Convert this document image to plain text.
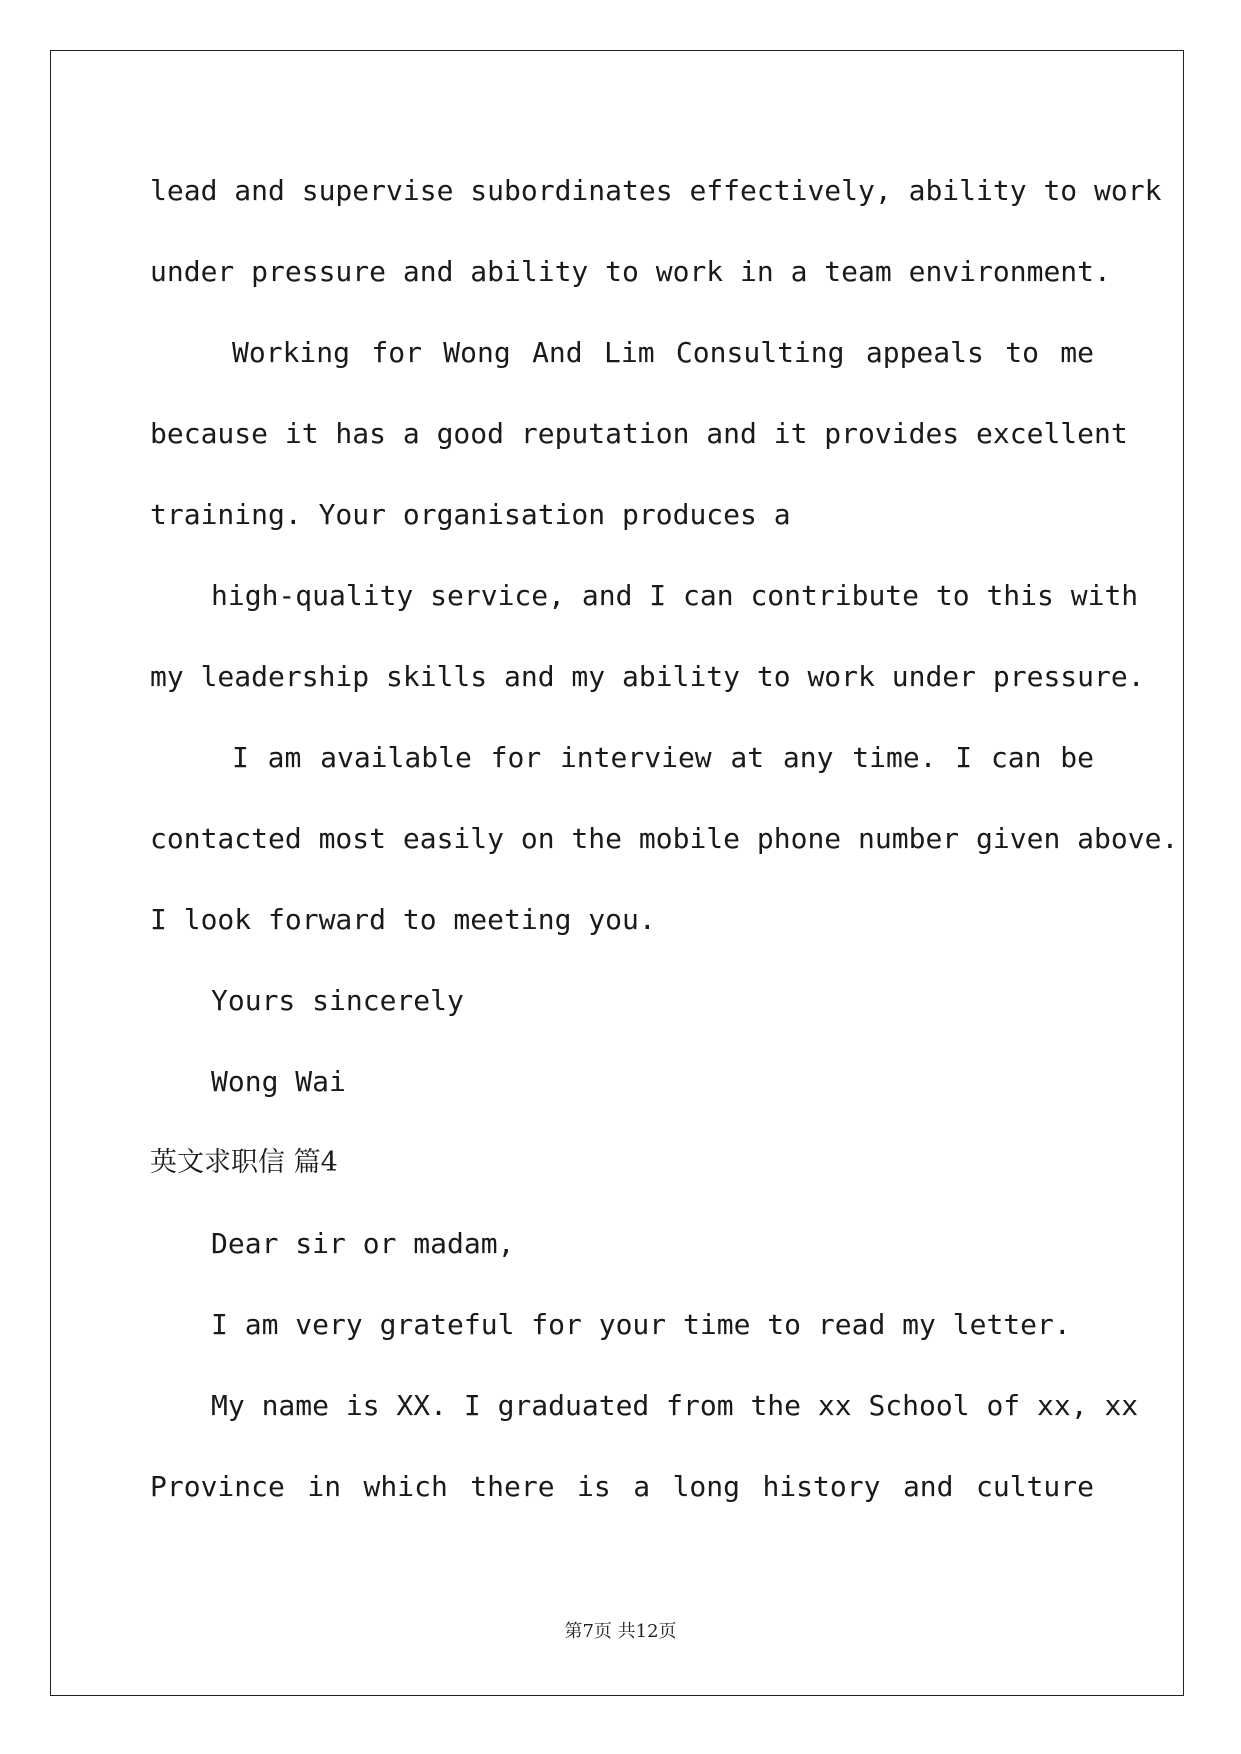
lead and supervise subordinates effectively, ability to work
under pressure and ability to work in a team environment.
Working for Wong And Lim Consulting appeals to me
because it has a good reputation and it provides excellent
training. Your organisation produces a
high-quality service, and I can contribute to this with
my leadership skills and my ability to work under pressure.
I am available for interview at any time. I can be
contacted most easily on the mobile phone number given above.
I look forward to meeting you.
Yours sincerely
Wong Wai
英文求职信 篇4
Dear sir or madam,
I am very grateful for your time to read my letter.
My name is XX. I graduated from the xx School of xx, xx
Province in which there is a long history and culture
第7页 共12页
